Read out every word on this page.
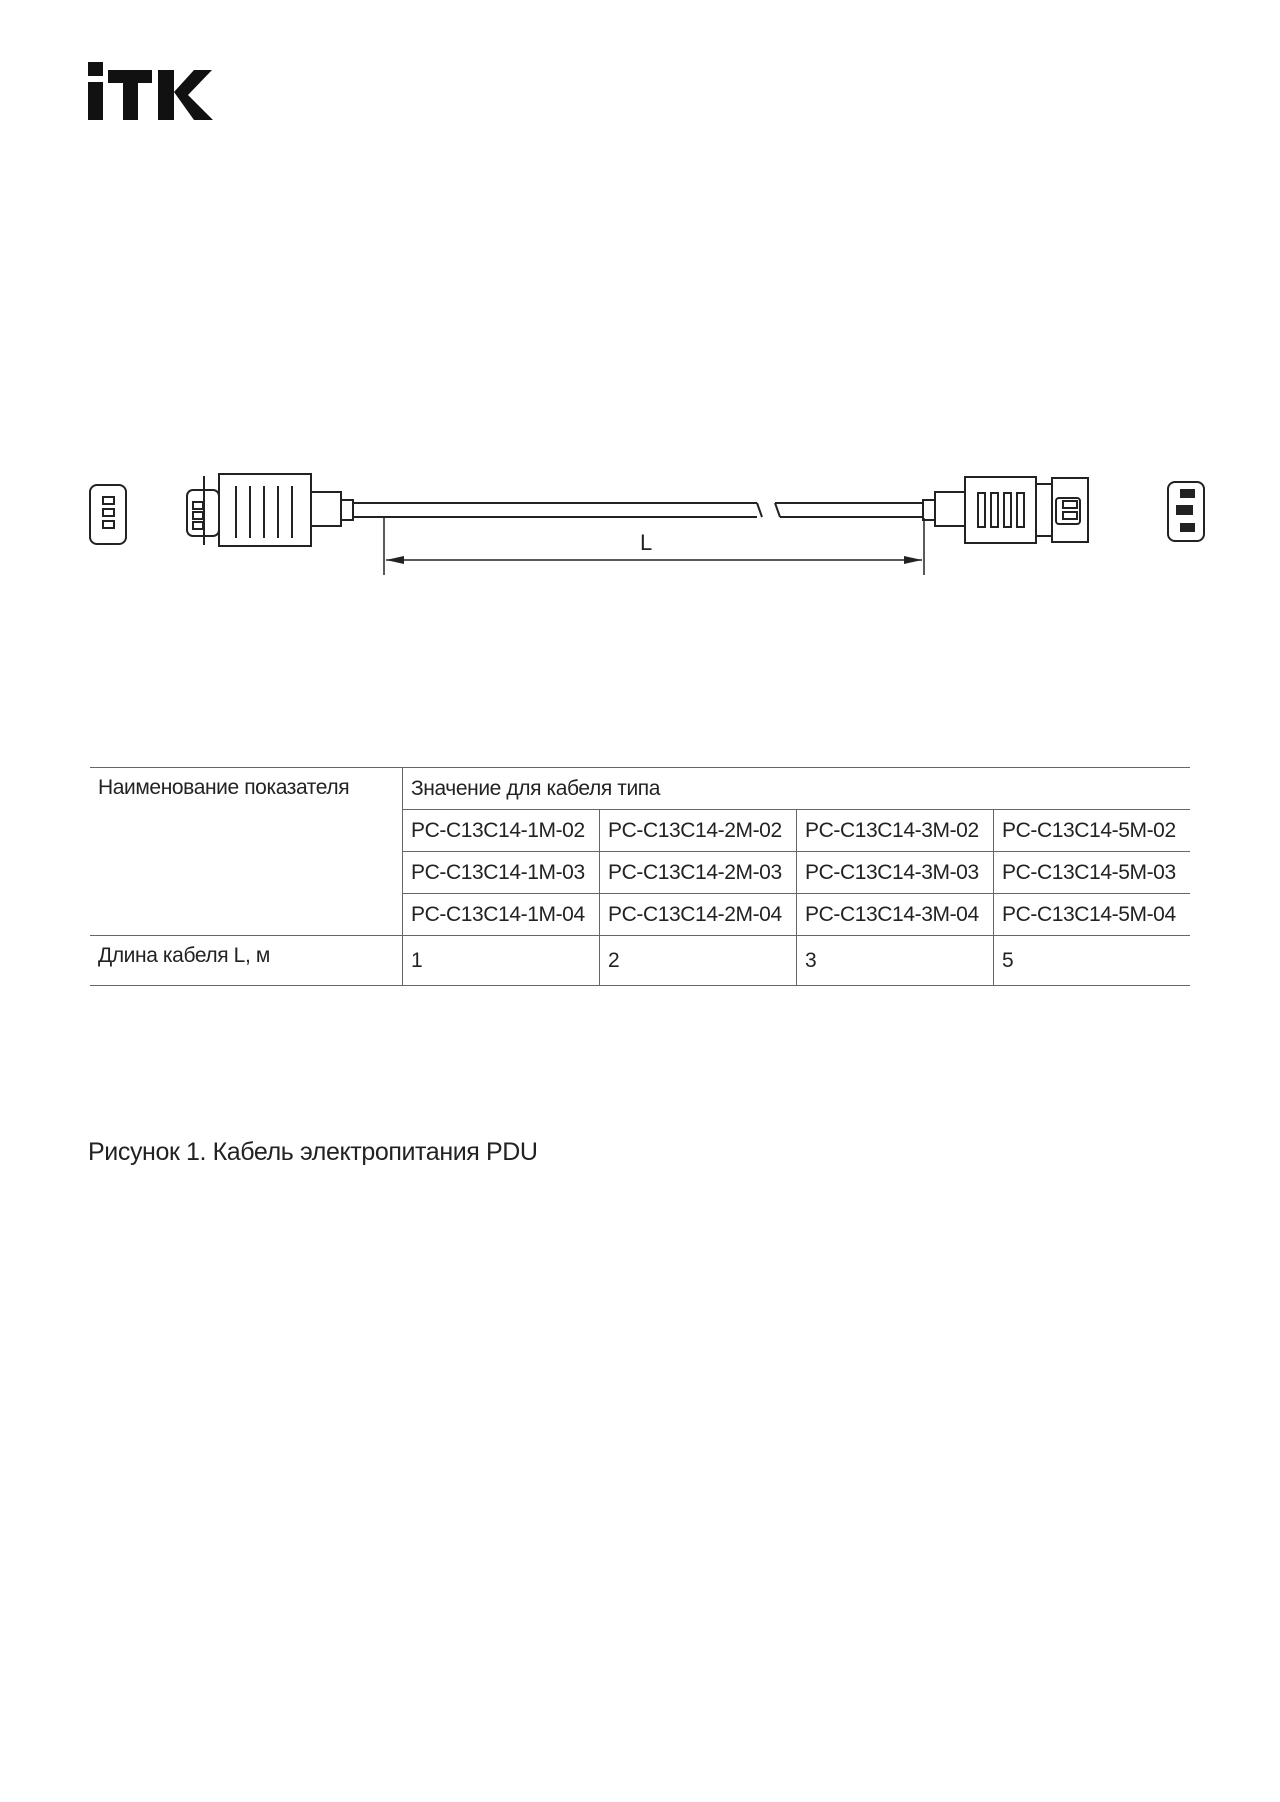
L
Наименование показателя	Значение для кабеля типа			
	PC-C13C14-1M-02	PC-C13C14-2M-02	PC-C13C14-3M-02	PC-C13C14-5M-02
	PC-C13C14-1M-03	PC-C13C14-2M-03	PC-C13C14-3M-03	PC-C13C14-5M-03
	PC-C13C14-1M-04	PC-C13C14-2M-04	PC-C13C14-3M-04	PC-C13C14-5M-04
Длина кабеля L, м	1	2	3	5
Рисунок 1. Кабель электропитания PDU
